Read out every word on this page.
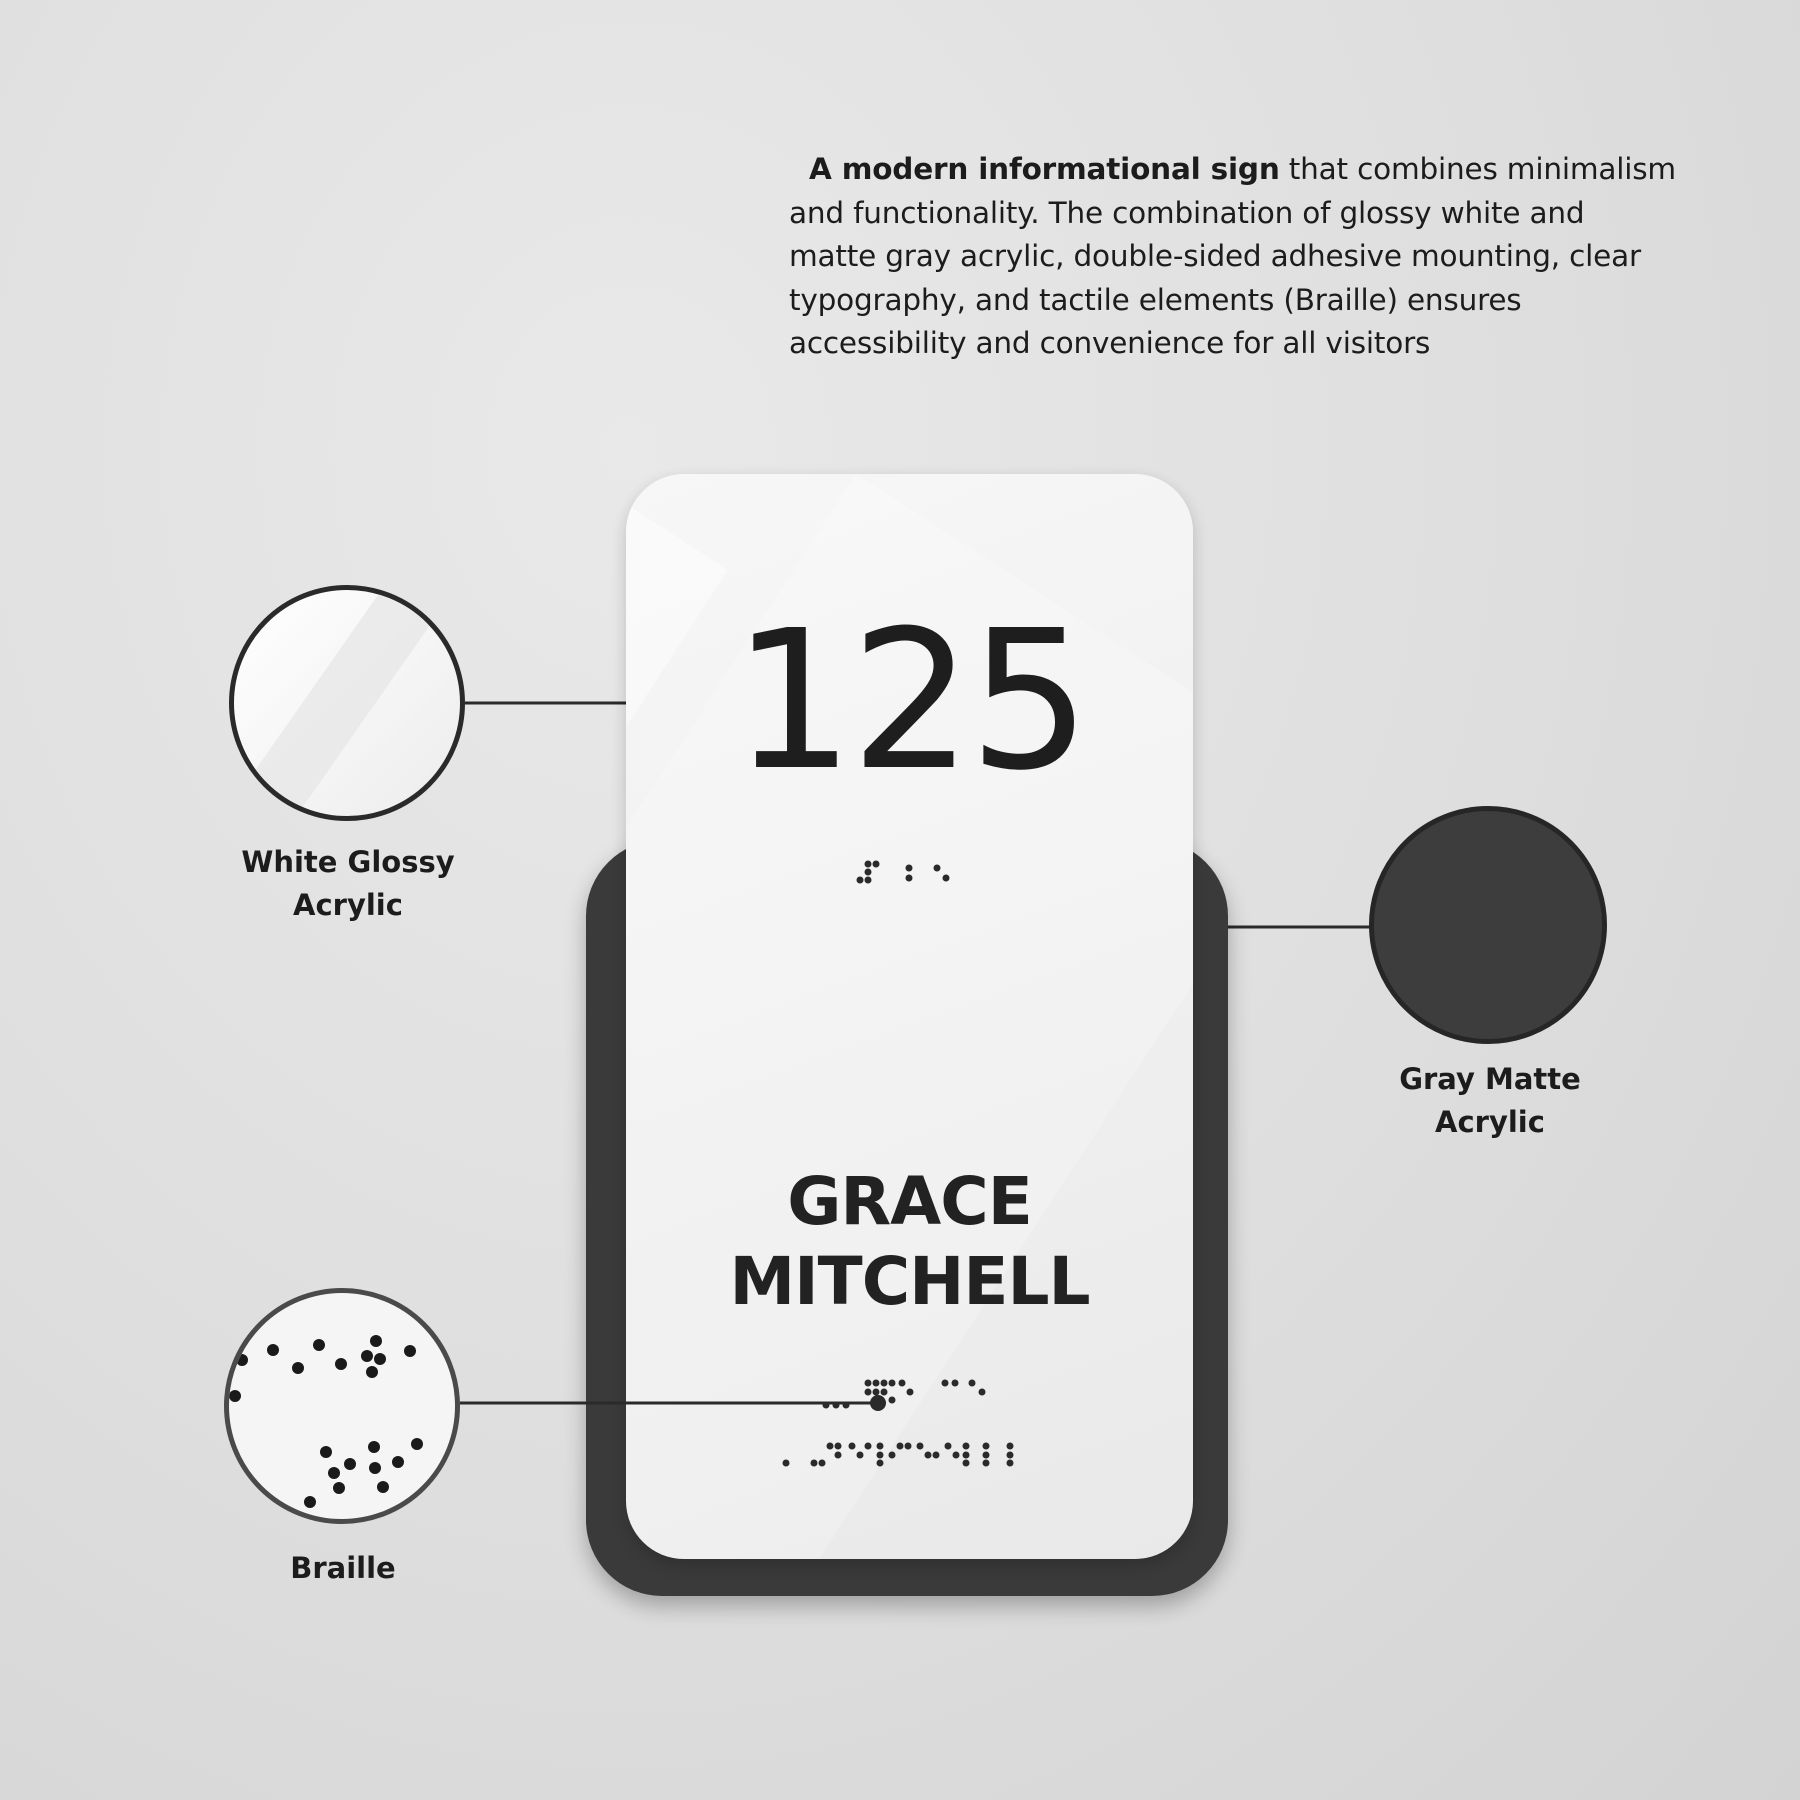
A modern informational sign that combines minimalism
and functionality. The combination of glossy white and
matte gray acrylic, double-sided adhesive mounting, clear
typography, and tactile elements (Braille) ensures
accessibility and convenience for all visitors

125
GRACE
MITCHELL
White Glossy
Acrylic
Gray Matte
Acrylic
Braille
